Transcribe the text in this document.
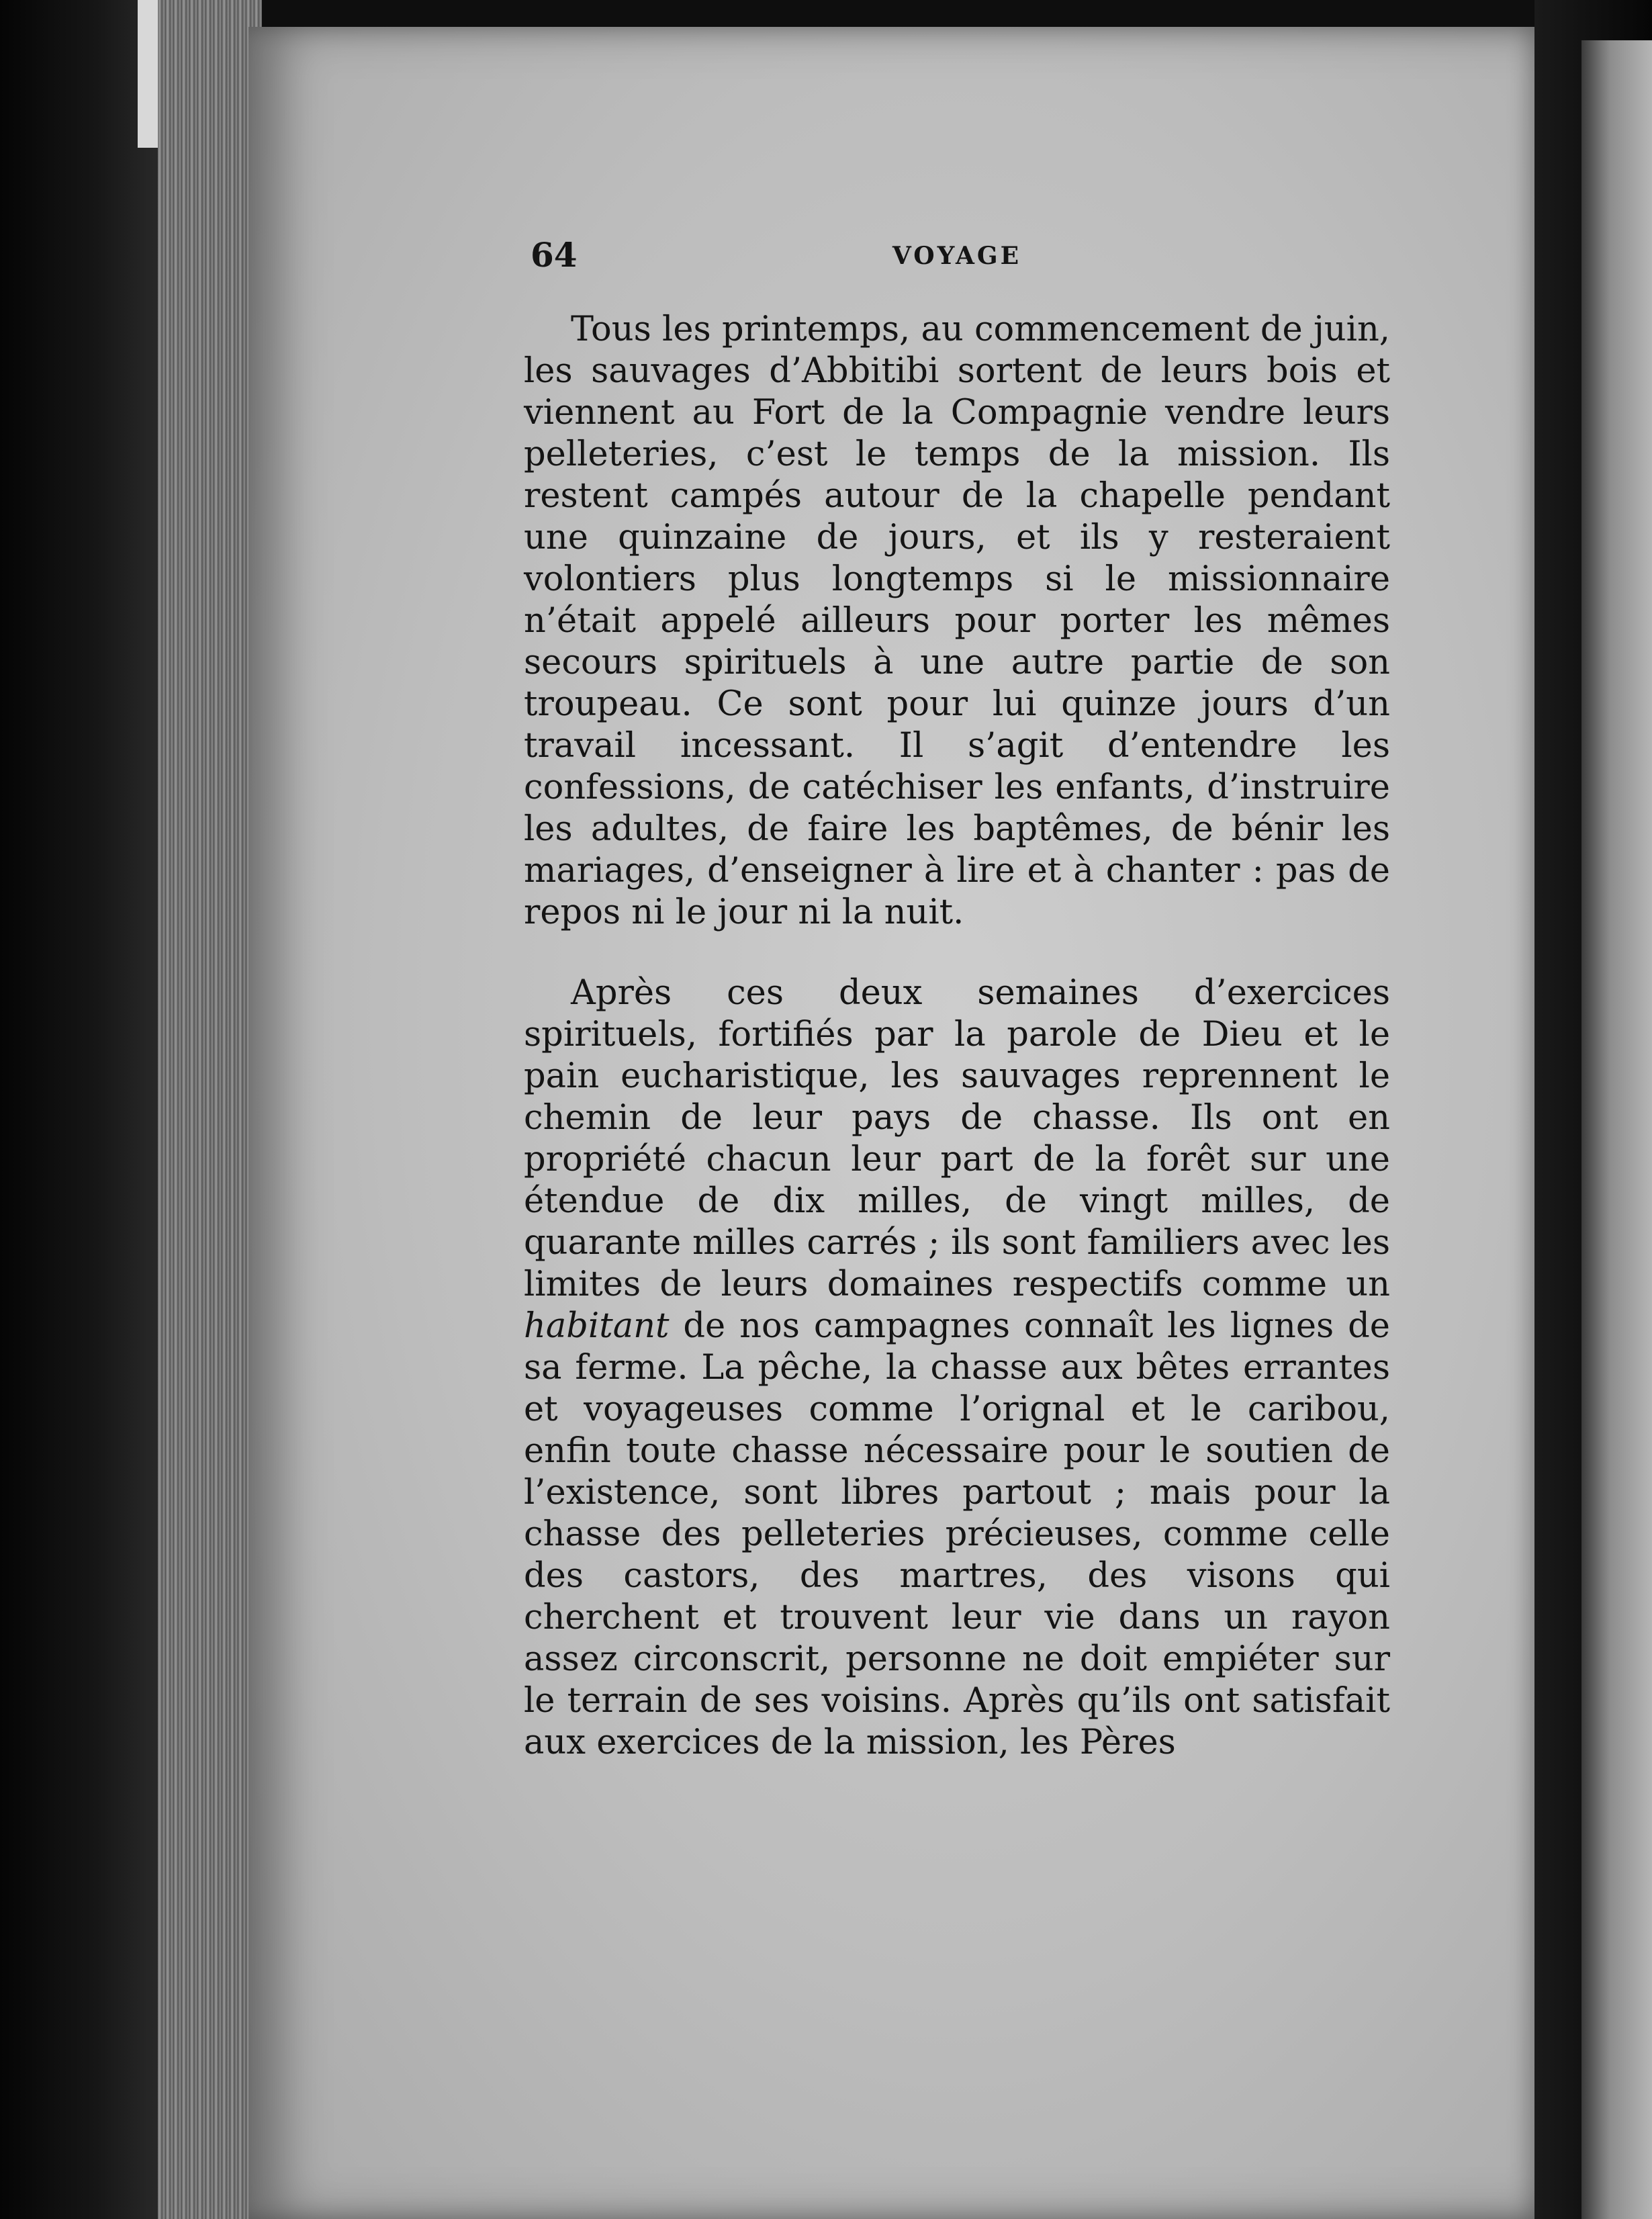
64	VOYAGE

Tous les printemps, au commencement de juin, les sauvages d’Abbitibi sortent de leurs bois et viennent au Fort de la Compagnie vendre leurs pelleteries, c’est le temps de la mission. Ils restent campés autour de la chapelle pendant une quinzaine de jours, et ils y resteraient volontiers plus longtemps si le missionnaire n’était appelé ailleurs pour porter les mêmes secours spirituels à une autre partie de son troupeau. Ce sont pour lui quinze jours d’un travail incessant. Il s’agit d’entendre les confessions, de catéchiser les enfants, d’instruire les adultes, de faire les baptêmes, de bénir les mariages, d’enseigner à lire et à chanter : pas de repos ni le jour ni la nuit.

Après ces deux semaines d’exercices spirituels, fortifiés par la parole de Dieu et le pain eucharistique, les sauvages reprennent le chemin de leur pays de chasse. Ils ont en propriété chacun leur part de la forêt sur une étendue de dix milles, de vingt milles, de quarante milles carrés ; ils sont familiers avec les limites de leurs domaines respectifs comme un habitant de nos campagnes connaît les lignes de sa ferme. La pêche, la chasse aux bêtes errantes et voyageuses comme l’orignal et le caribou, enfin toute chasse nécessaire pour le soutien de l’existence, sont libres partout ; mais pour la chasse des pelleteries précieuses, comme celle des castors, des martres, des visons qui cherchent et trouvent leur vie dans un rayon assez circonscrit, personne ne doit empiéter sur le terrain de ses voisins. Après qu’ils ont satisfait aux exercices de la mission, les Pères
